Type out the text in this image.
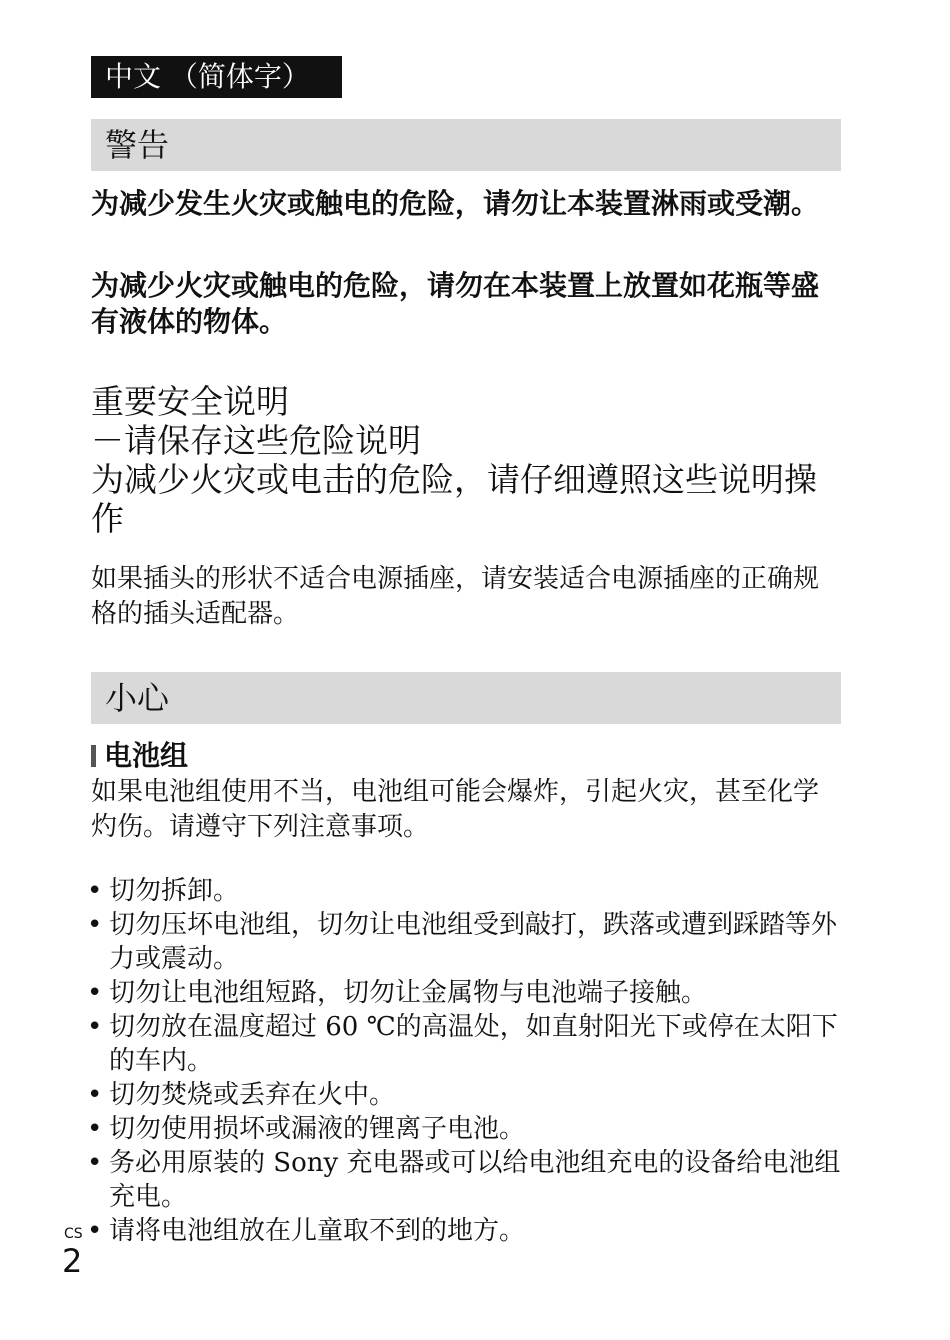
中文 （简体字）
警告

为减少发生火灾或触电的危险，请勿让本装置淋雨或受潮。

为减少火灾或触电的危险，请勿在本装置上放置如花瓶等盛有液体的物体。

重要安全说明
－请保存这些危险说明
为减少火灾或电击的危险，请仔细遵照这些说明操作

如果插头的形状不适合电源插座，请安装适合电源插座的正确规格的插头适配器。

小心
电池组

如果电池组使用不当，电池组可能会爆炸，引起火灾，甚至化学灼伤。请遵守下列注意事项。

• 切勿拆卸。
• 切勿压坏电池组，切勿让电池组受到敲打，跌落或遭到踩踏等外力或震动。
• 切勿让电池组短路，切勿让金属物与电池端子接触。
• 切勿放在温度超过 60 ℃的高温处，如直射阳光下或停在太阳下的车内。
• 切勿焚烧或丢弃在火中。
• 切勿使用损坏或漏液的锂离子电池。
• 务必用原装的 Sony 充电器或可以给电池组充电的设备给电池组充电。
• 请将电池组放在儿童取不到的地方。
CS
2
